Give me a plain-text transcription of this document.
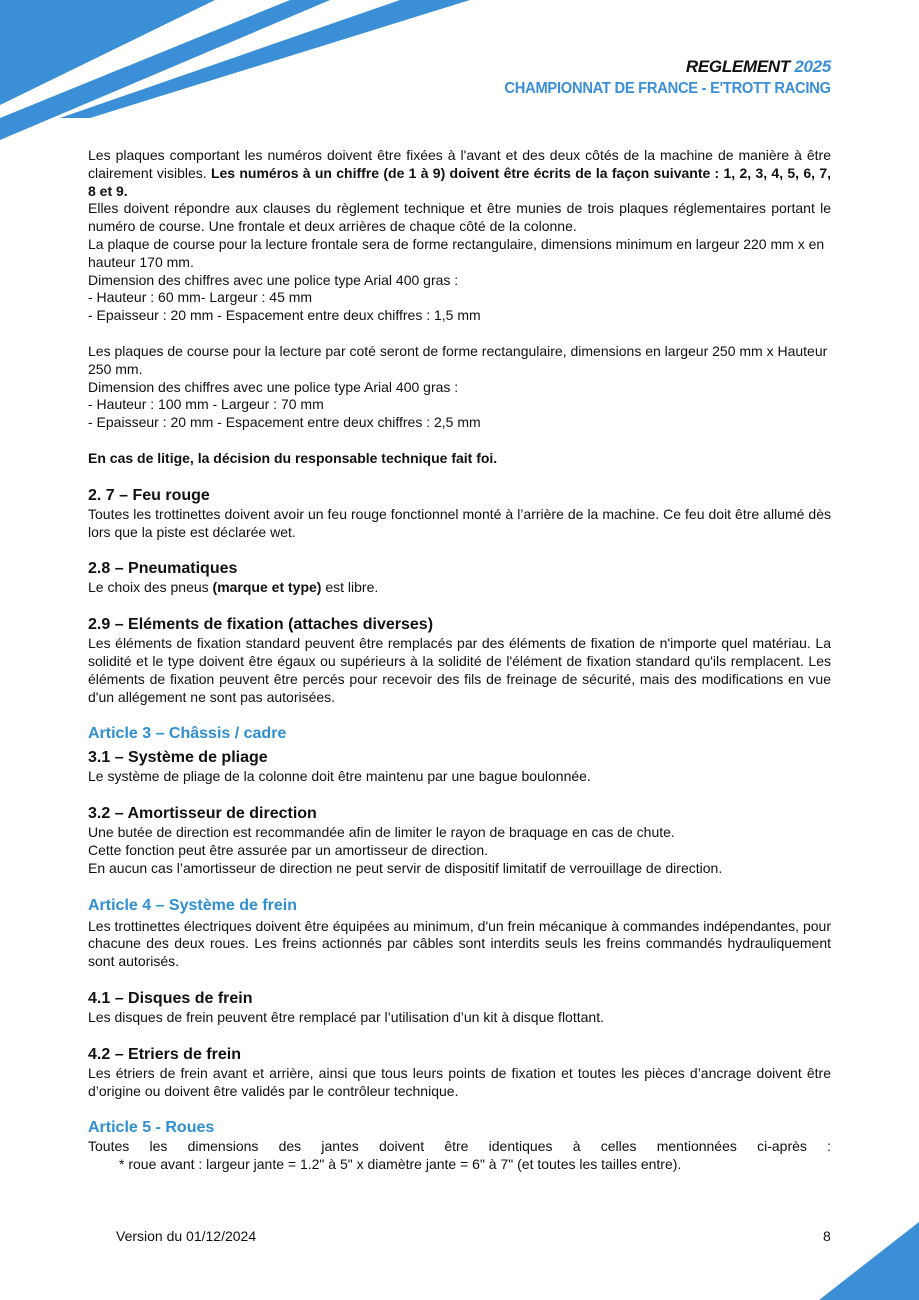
REGLEMENT 2025
CHAMPIONNAT DE FRANCE - E'TROTT RACING

Les plaques comportant les numéros doivent être fixées à l'avant et des deux côtés de la machine de manière à être clairement visibles. Les numéros à un chiffre (de 1 à 9) doivent être écrits de la façon suivante : 1, 2, 3, 4, 5, 6, 7, 8 et 9.

Elles doivent répondre aux clauses du règlement technique et être munies de trois plaques réglementaires portant le numéro de course. Une frontale et deux arrières de chaque côté de la colonne.

La plaque de course pour la lecture frontale sera de forme rectangulaire, dimensions minimum en largeur 220 mm x en hauteur 170 mm.

Dimension des chiffres avec une police type Arial 400 gras :

- Hauteur : 60 mm- Largeur : 45 mm

- Epaisseur : 20 mm - Espacement entre deux chiffres : 1,5 mm

Les plaques de course pour la lecture par coté seront de forme rectangulaire, dimensions en largeur 250 mm x Hauteur 250 mm.

Dimension des chiffres avec une police type Arial 400 gras :

- Hauteur : 100 mm - Largeur : 70 mm

- Epaisseur : 20 mm - Espacement entre deux chiffres : 2,5 mm

En cas de litige, la décision du responsable technique fait foi.

2. 7 – Feu rouge

Toutes les trottinettes doivent avoir un feu rouge fonctionnel monté à l’arrière de la machine. Ce feu doit être allumé dès lors que la piste est déclarée wet.

2.8 – Pneumatiques

Le choix des pneus (marque et type) est libre.

2.9 – Eléments de fixation (attaches diverses)

Les éléments de fixation standard peuvent être remplacés par des éléments de fixation de n'importe quel matériau. La solidité et le type doivent être égaux ou supérieurs à la solidité de l'élément de fixation standard qu'ils remplacent. Les éléments de fixation peuvent être percés pour recevoir des fils de freinage de sécurité, mais des modifications en vue d'un allégement ne sont pas autorisées.

Article 3 – Châssis / cadre
3.1 – Système de pliage

Le système de pliage de la colonne doit être maintenu par une bague boulonnée.

3.2 – Amortisseur de direction

Une butée de direction est recommandée afin de limiter le rayon de braquage en cas de chute.

Cette fonction peut être assurée par un amortisseur de direction.

En aucun cas l’amortisseur de direction ne peut servir de dispositif limitatif de verrouillage de direction.

Article 4 – Système de frein

Les trottinettes électriques doivent être équipées au minimum, d'un frein mécanique à commandes indépendantes, pour chacune des deux roues. Les freins actionnés par câbles sont interdits seuls les freins commandés hydrauliquement sont autorisés.

4.1 – Disques de frein

Les disques de frein peuvent être remplacé par l’utilisation d’un kit à disque flottant.

4.2 – Etriers de frein

Les étriers de frein avant et arrière, ainsi que tous leurs points de fixation et toutes les pièces d’ancrage doivent être d’origine ou doivent être validés par le contrôleur technique.

Article 5 - Roues

Toutes les dimensions des jantes doivent être identiques à celles mentionnées ci-après :

* roue avant : largeur jante = 1.2" à 5" x diamètre jante = 6" à 7" (et toutes les tailles entre).

Version du 01/12/2024	8
